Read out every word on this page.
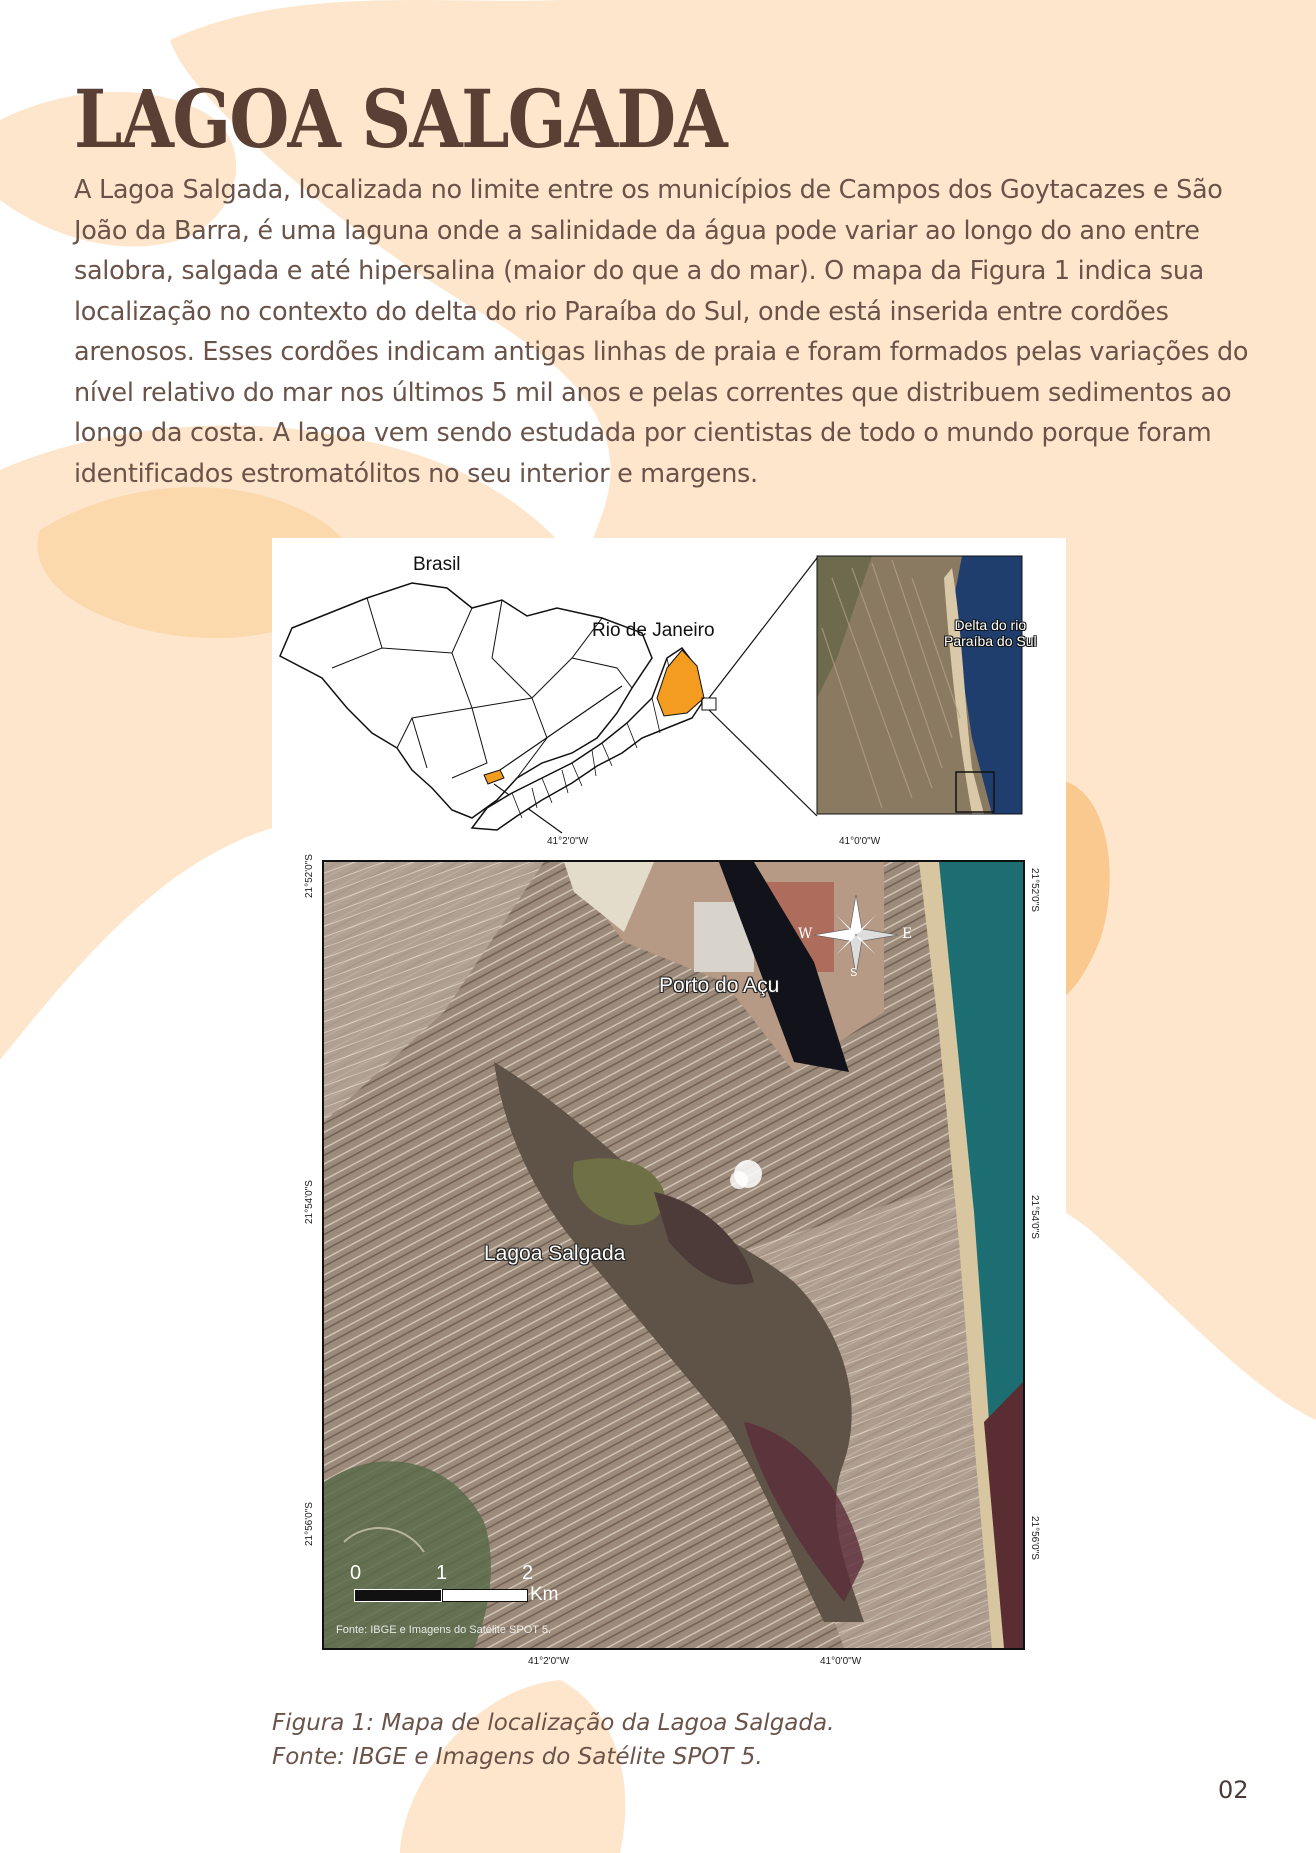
LAGOA SALGADA

A Lagoa Salgada, localizada no limite entre os municípios de Campos dos Goytacazes e São João da Barra, é uma laguna onde a salinidade da água pode variar ao longo do ano entre salobra, salgada e até hipersalina (maior do que a do mar). O mapa da Figura 1 indica sua localização no contexto do delta do rio Paraíba do Sul, onde está inserida entre cordões arenosos. Esses cordões indicam antigas linhas de praia e foram formados pelas variações do nível relativo do mar nos últimos 5 mil anos e pelas correntes que distribuem sedimentos ao longo da costa. A lagoa vem sendo estudada por cientistas de todo o mundo porque foram identificados estromatólitos no seu interior e margens.

Brasil
Rio de Janeiro	Delta do rio
Paraíba do Sul
41°2'0"W	41°0'0"W
41°2'0"W	41°0'0"W
21°52'0"S
21°54'0"S
21°56'0"S
21°52'0"S
21°54'0"S
21°56'0"S
Porto do Açu
Lagoa Salgada
W	E
S
0	1	2
Km
Fonte: IBGE e Imagens do Satélite SPOT 5.

Figura 1: Mapa de localização da Lagoa Salgada.
Fonte: IBGE e Imagens do Satélite SPOT 5.

02
